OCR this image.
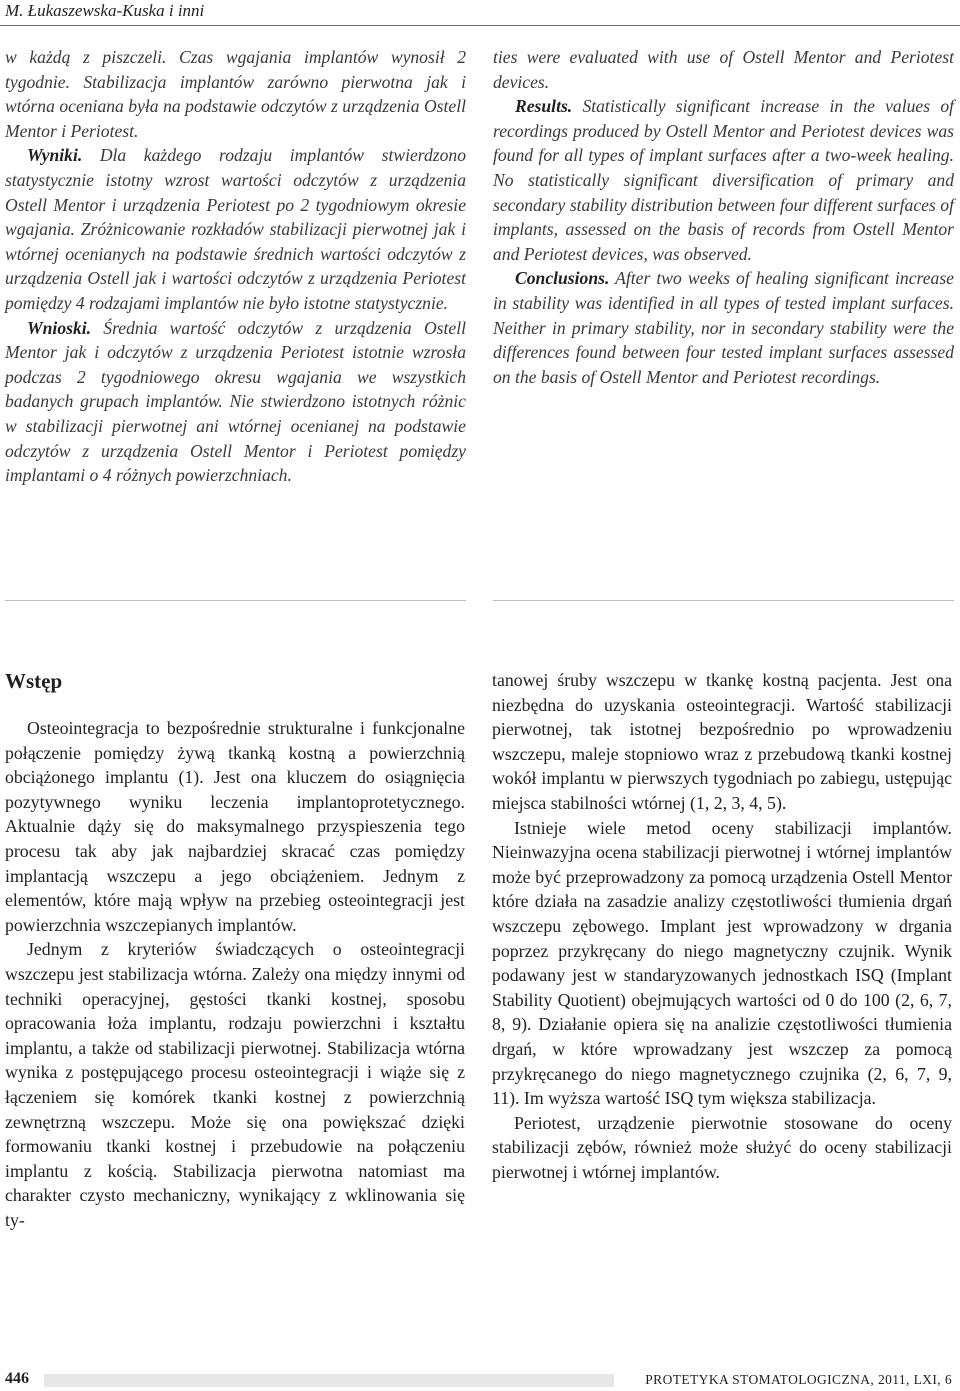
M. Łukaszewska-Kuska i inni
w każdą z piszczeli. Czas wgajania implantów wynosił 2 tygodnie. Stabilizacja implantów zarówno pierwotna jak i wtórna oceniana była na podstawie odczytów z urządzenia Ostell Mentor i Periotest.
Wyniki. Dla każdego rodzaju implantów stwierdzono statystycznie istotny wzrost wartości odczytów z urządzenia Ostell Mentor i urządzenia Periotest po 2 tygodniowym okresie wgajania. Zróżnicowanie rozkładów stabilizacji pierwotnej jak i wtórnej ocenianych na podstawie średnich wartości odczytów z urządzenia Ostell jak i wartości odczytów z urządzenia Periotest pomiędzy 4 rodzajami implantów nie było istotne statystycznie.
Wnioski. Średnia wartość odczytów z urządzenia Ostell Mentor jak i odczytów z urządzenia Periotest istotnie wzrosła podczas 2 tygodniowego okresu wgajania we wszystkich badanych grupach implantów. Nie stwierdzono istotnych różnic w stabilizacji pierwotnej ani wtórnej ocenianej na podstawie odczytów z urządzenia Ostell Mentor i Periotest pomiędzy implantami o 4 różnych powierzchniach.
ties were evaluated with use of Ostell Mentor and Periotest devices.
Results. Statistically significant increase in the values of recordings produced by Ostell Mentor and Periotest devices was found for all types of implant surfaces after a two-week healing. No statistically significant diversification of primary and secondary stability distribution between four different surfaces of implants, assessed on the basis of records from Ostell Mentor and Periotest devices, was observed.
Conclusions. After two weeks of healing significant increase in stability was identified in all types of tested implant surfaces. Neither in primary stability, nor in secondary stability were the differences found between four tested implant surfaces assessed on the basis of Ostell Mentor and Periotest recordings.
Wstęp

Osteointegracja to bezpośrednie strukturalne i funkcjonalne połączenie pomiędzy żywą tkanką kostną a powierzchnią obciążonego implantu (1). Jest ona kluczem do osiągnięcia pozytywnego wyniku leczenia implantoprotetycznego. Aktualnie dąży się do maksymalnego przyspieszenia tego procesu tak aby jak najbardziej skracać czas pomiędzy implantacją wszczepu a jego obciążeniem. Jednym z elementów, które mają wpływ na przebieg osteointegracji jest powierzchnia wszczepianych implantów.

Jednym z kryteriów świadczących o osteointegracji wszczepu jest stabilizacja wtórna. Zależy ona między innymi od techniki operacyjnej, gęstości tkanki kostnej, sposobu opracowania łoża implantu, rodzaju powierzchni i kształtu implantu, a także od stabilizacji pierwotnej. Stabilizacja wtórna wynika z postępującego procesu osteointegracji i wiąże się z łączeniem się komórek tkanki kostnej z powierzchnią zewnętrzną wszczepu. Może się ona powiększać dzięki formowaniu tkanki kostnej i przebudowie na połączeniu implantu z kością. Stabilizacja pierwotna natomiast ma charakter czysto mechaniczny, wynikający z wklinowania się ty-

tanowej śruby wszczepu w tkankę kostną pacjenta. Jest ona niezbędna do uzyskania osteointegracji. Wartość stabilizacji pierwotnej, tak istotnej bezpośrednio po wprowadzeniu wszczepu, maleje stopniowo wraz z przebudową tkanki kostnej wokół implantu w pierwszych tygodniach po zabiegu, ustępując miejsca stabilności wtórnej (1, 2, 3, 4, 5).

Istnieje wiele metod oceny stabilizacji implantów. Nieinwazyjna ocena stabilizacji pierwotnej i wtórnej implantów może być przeprowadzony za pomocą urządzenia Ostell Mentor które działa na zasadzie analizy częstotliwości tłumienia drgań wszczepu zębowego. Implant jest wprowadzony w drgania poprzez przykręcany do niego magnetyczny czujnik. Wynik podawany jest w standaryzowanych jednostkach ISQ (Implant Stability Quotient) obejmujących wartości od 0 do 100 (2, 6, 7, 8, 9). Działanie opiera się na analizie częstotliwości tłumienia drgań, w które wprowadzany jest wszczep za pomocą przykręcanego do niego magnetycznego czujnika (2, 6, 7, 9, 11). Im wyższa wartość ISQ tym większa stabilizacja.

Periotest, urządzenie pierwotnie stosowane do oceny stabilizacji zębów, również może służyć do oceny stabilizacji pierwotnej i wtórnej implantów.

446	PROTETYKA STOMATOLOGICZNA, 2011, LXI, 6
